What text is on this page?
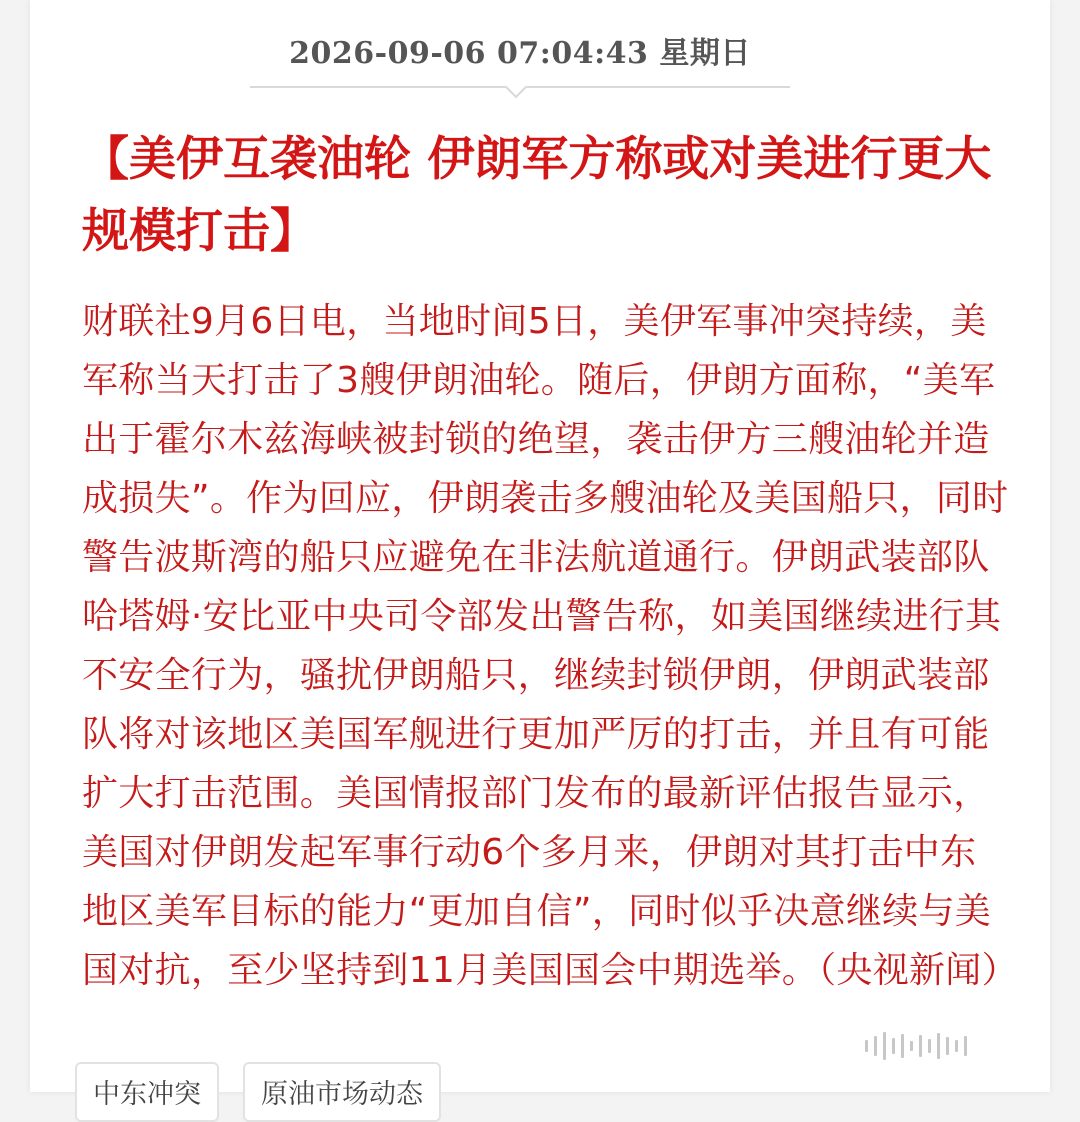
2026-09-06 07:04:43 星期日
【美伊互袭油轮 伊朗军方称或对美进行更大规模打击】
财联社9月6日电，当地时间5日，美伊军事冲突持续，美军称当天打击了3艘伊朗油轮。随后，伊朗方面称，“美军出于霍尔木兹海峡被封锁的绝望，袭击伊方三艘油轮并造成损失”。作为回应，伊朗袭击多艘油轮及美国船只，同时警告波斯湾的船只应避免在非法航道通行。伊朗武装部队哈塔姆·安比亚中央司令部发出警告称，如美国继续进行其不安全行为，骚扰伊朗船只，继续封锁伊朗，伊朗武装部队将对该地区美国军舰进行更加严厉的打击，并且有可能扩大打击范围。美国情报部门发布的最新评估报告显示，美国对伊朗发起军事行动6个多月来，伊朗对其打击中东地区美军目标的能力“更加自信”，同时似乎决意继续与美国对抗，至少坚持到11月美国国会中期选举。（央视新闻）
中东冲突	原油市场动态
